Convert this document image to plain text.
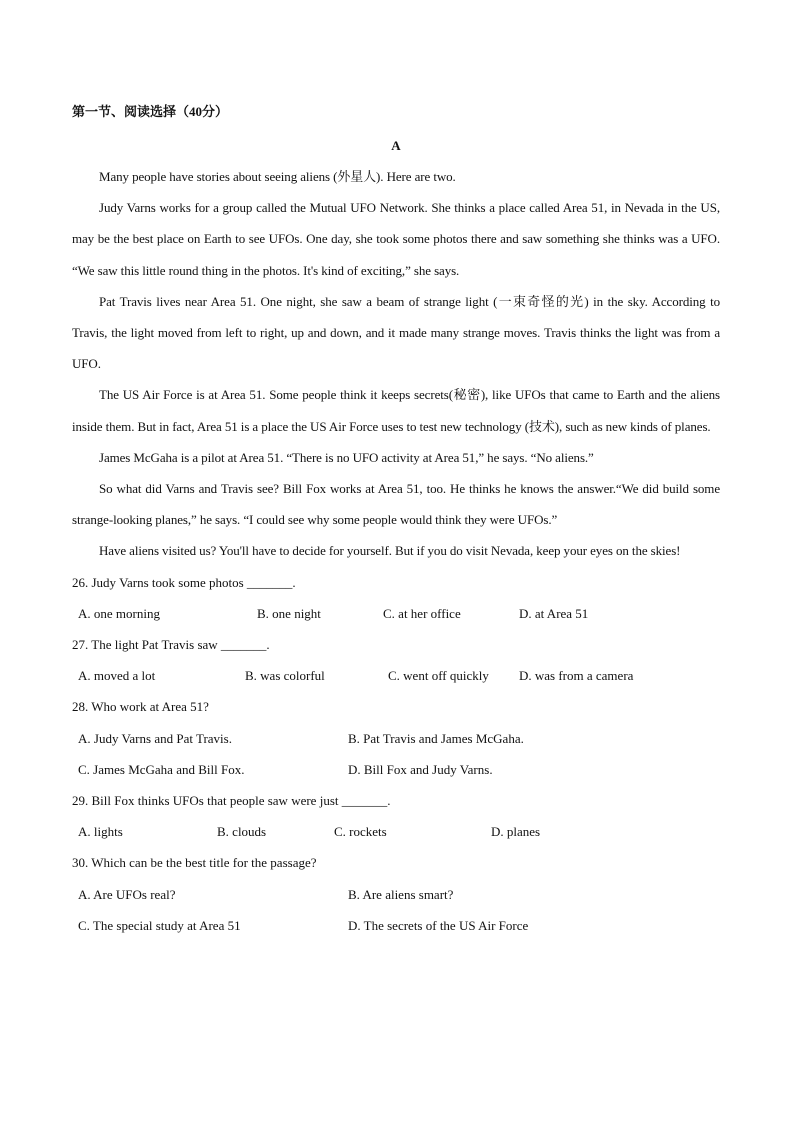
第一节、阅读选择（40分）
A

Many people have stories about seeing aliens (外星人). Here are two.

Judy Varns works for a group called the Mutual UFO Network. She thinks a place called Area 51, in Nevada in the US, may be the best place on Earth to see UFOs. One day, she took some photos there and saw something she thinks was a UFO. “We saw this little round thing in the photos. It's kind of exciting,” she says.

Pat Travis lives near Area 51. One night, she saw a beam of strange light (一束奇怪的光) in the sky. According to Travis, the light moved from left to right, up and down, and it made many strange moves. Travis thinks the light was from a UFO.

The US Air Force is at Area 51. Some people think it keeps secrets(秘密), like UFOs that came to Earth and the aliens inside them. But in fact, Area 51 is a place the US Air Force uses to test new technology (技术), such as new kinds of planes.

James McGaha is a pilot at Area 51. “There is no UFO activity at Area 51,” he says. “No aliens.”

So what did Varns and Travis see? Bill Fox works at Area 51, too. He thinks he knows the answer.“We did build some strange-looking planes,” he says. “I could see why some people would think they were UFOs.”

Have aliens visited us? You'll have to decide for yourself. But if you do visit Nevada, keep your eyes on the skies!

26. Judy Varns took some photos _______.
A. one morning	B. one night	C. at her office	D. at Area 51
27. The light Pat Travis saw _______.
A. moved a lot	B. was colorful	C. went off quickly D. was from a camera
28. Who work at Area 51?
A. Judy Varns and Pat Travis.	B. Pat Travis and James McGaha.
C. James McGaha and Bill Fox.	D. Bill Fox and Judy Varns.
29. Bill Fox thinks UFOs that people saw were just _______.
A. lights	B. clouds	C. rockets	D. planes
30. Which can be the best title for the passage?
A. Are UFOs real?	B. Are aliens smart?
C. The special study at Area 51	D. The secrets of the US Air Force
